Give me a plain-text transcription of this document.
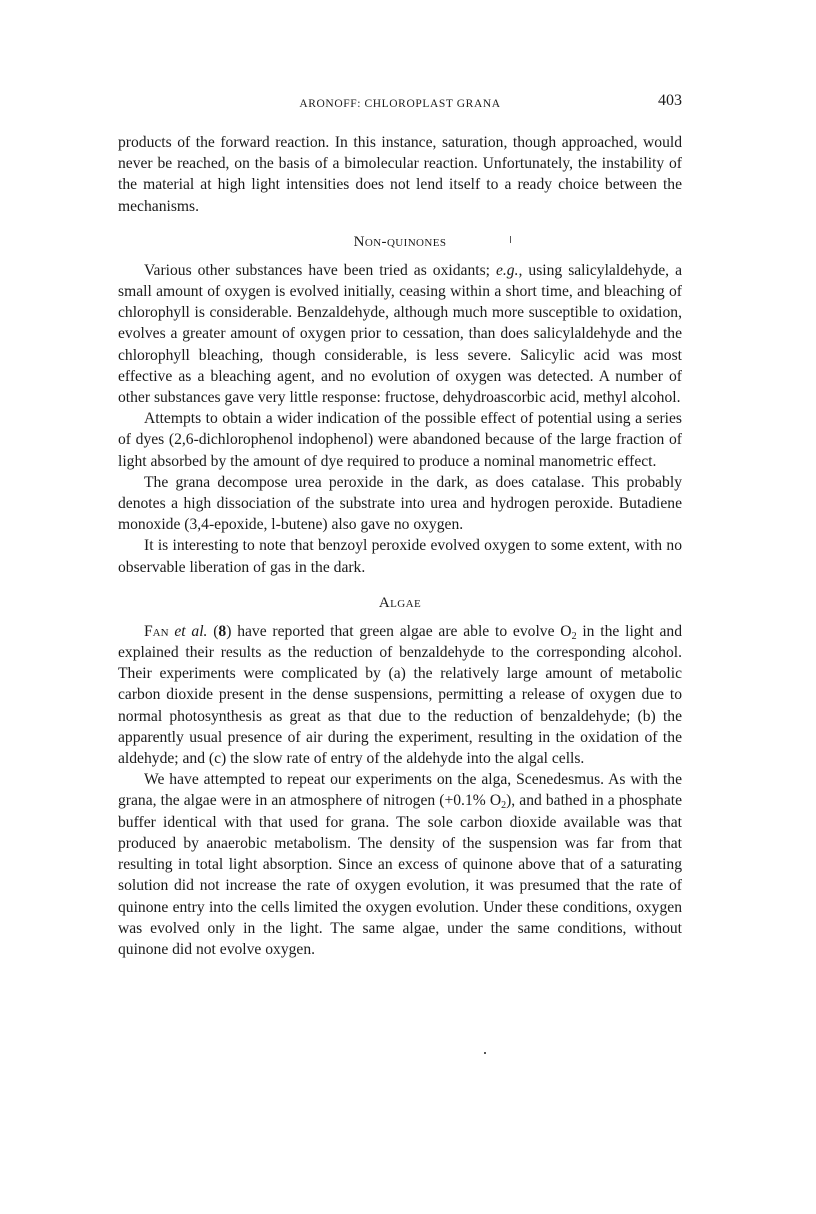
ARONOFF: CHLOROPLAST GRANA	403

products of the forward reaction. In this instance, saturation, though approached, would never be reached, on the basis of a bimolecular reaction. Unfortunately, the instability of the material at high light intensities does not lend itself to a ready choice between the mechanisms.

Non-quinones

Various other substances have been tried as oxidants; e.g., using salicylaldehyde, a small amount of oxygen is evolved initially, ceasing within a short time, and bleaching of chlorophyll is considerable. Benzaldehyde, although much more susceptible to oxidation, evolves a greater amount of oxygen prior to cessation, than does salicylaldehyde and the chlorophyll bleaching, though considerable, is less severe. Salicylic acid was most effective as a bleaching agent, and no evolution of oxygen was detected. A number of other substances gave very little response: fructose, dehydroascorbic acid, methyl alcohol.

Attempts to obtain a wider indication of the possible effect of potential using a series of dyes (2,6-dichlorophenol indophenol) were abandoned because of the large fraction of light absorbed by the amount of dye required to produce a nominal manometric effect.

The grana decompose urea peroxide in the dark, as does catalase. This probably denotes a high dissociation of the substrate into urea and hydrogen peroxide. Butadiene monoxide (3,4-epoxide, l-butene) also gave no oxygen.

It is interesting to note that benzoyl peroxide evolved oxygen to some extent, with no observable liberation of gas in the dark.

Algae

Fan et al. (8) have reported that green algae are able to evolve $O_2$ in the light and explained their results as the reduction of benzaldehyde to the corresponding alcohol. Their experiments were complicated by (a) the relatively large amount of metabolic carbon dioxide present in the dense suspensions, permitting a release of oxygen due to normal photosynthesis as great as that due to the reduction of benzaldehyde; (b) the apparently usual presence of air during the experiment, resulting in the oxidation of the aldehyde; and (c) the slow rate of entry of the aldehyde into the algal cells.

We have attempted to repeat our experiments on the alga, Scenedesmus. As with the grana, the algae were in an atmosphere of nitrogen (+0.1% $O_2$), and bathed in a phosphate buffer identical with that used for grana. The sole carbon dioxide available was that produced by anaerobic metabolism. The density of the suspension was far from that resulting in total light absorption. Since an excess of quinone above that of a saturating solution did not increase the rate of oxygen evolution, it was presumed that the rate of quinone entry into the cells limited the oxygen evolution. Under these conditions, oxygen was evolved only in the light. The same algae, under the same conditions, without quinone did not evolve oxygen.
